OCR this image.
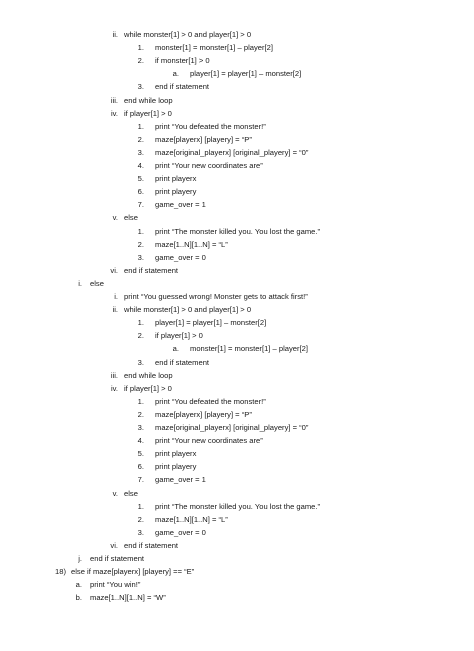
ii. while monster[1] > 0 and player[1] > 0
1. monster[1] = monster[1] – player[2]
2. if monster[1] > 0
a. player[1] = player[1] – monster[2]
3. end if statement
iii. end while loop
iv. if player[1] > 0
1. print “You defeated the monster!”
2. maze[playerx] [playery] = “P”
3. maze[original_playerx] [original_playery] = “0”
4. print “Your new coordinates are”
5. print playerx
6. print playery
7. game_over = 1
v. else
1. print “The monster killed you. You lost the game.”
2. maze[1..N][1..N] = “L”
3. game_over = 0
vi. end if statement
i. else
i. print “You guessed wrong! Monster gets to attack first!”
ii. while monster[1] > 0 and player[1] > 0
1. player[1] = player[1] – monster[2]
2. if player[1] > 0
a. monster[1] = monster[1] – player[2]
3. end if statement
iii. end while loop
iv. if player[1] > 0
1. print “You defeated the monster!”
2. maze[playerx] [playery] = “P”
3. maze[original_playerx] [original_playery] = “0”
4. print “Your new coordinates are”
5. print playerx
6. print playery
7. game_over = 1
v. else
1. print “The monster killed you. You lost the game.”
2. maze[1..N][1..N] = “L”
3. game_over = 0
vi. end if statement
j. end if statement
18) else if maze[playerx] [playery] == “E”
a. print “You win!”
b. maze[1..N][1..N] = “W”
